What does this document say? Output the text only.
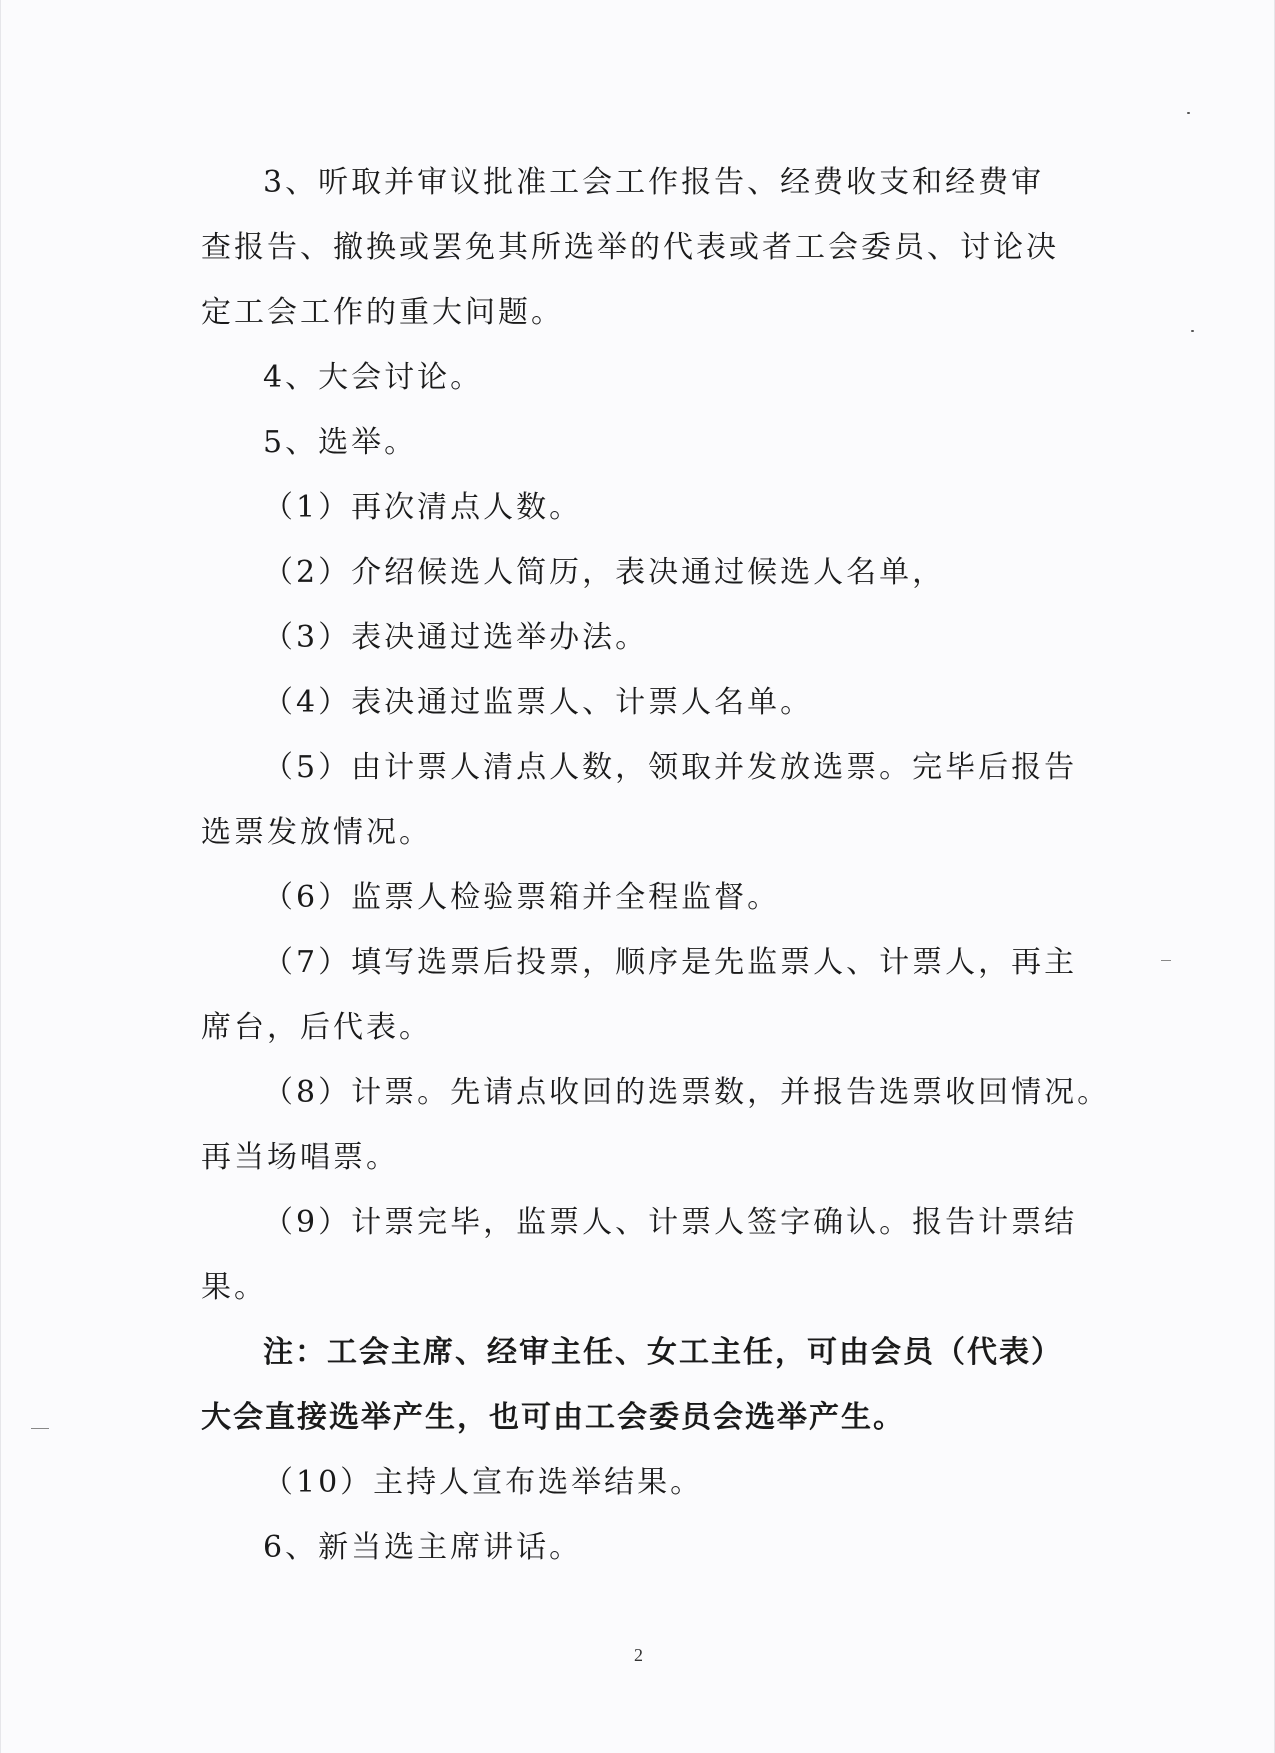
3、听取并审议批准工会工作报告、经费收支和经费审
查报告、撤换或罢免其所选举的代表或者工会委员、讨论决
定工会工作的重大问题。
4、大会讨论。
5、选举。
（1）再次清点人数。
（2）介绍候选人简历，表决通过候选人名单，
（3）表决通过选举办法。
（4）表决通过监票人、计票人名单。
（5）由计票人清点人数，领取并发放选票。完毕后报告
选票发放情况。
（6）监票人检验票箱并全程监督。
（7）填写选票后投票，顺序是先监票人、计票人，再主
席台，后代表。
（8）计票。先请点收回的选票数，并报告选票收回情况。
再当场唱票。
（9）计票完毕，监票人、计票人签字确认。报告计票结
果。
注：工会主席、经审主任、女工主任，可由会员（代表）
大会直接选举产生，也可由工会委员会选举产生。
（10）主持人宣布选举结果。
6、新当选主席讲话。
2
